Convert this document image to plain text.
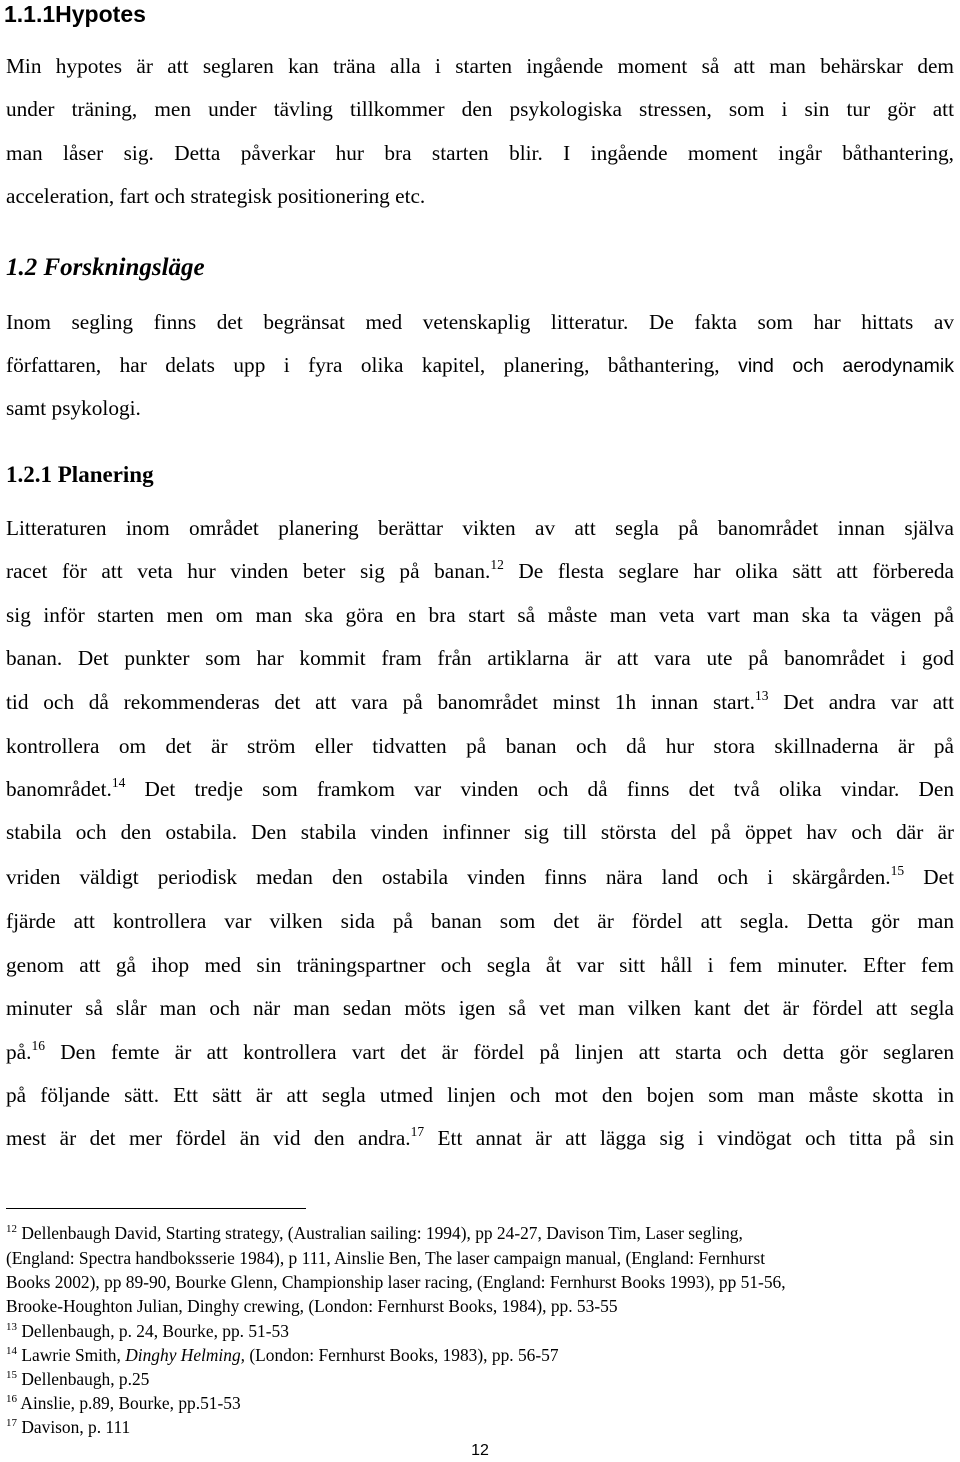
1.1.1Hypotes

Min hypotes är att seglaren kan träna alla i starten ingående moment så att man behärskar dem

under träning, men under tävling tillkommer den psykologiska stressen, som i sin tur gör att

man låser sig. Detta påverkar hur bra starten blir. I ingående moment ingår båthantering,

acceleration, fart och strategisk positionering etc.

1.2 Forskningsläge

Inom segling finns det begränsat med vetenskaplig litteratur. De fakta som har hittats av

författaren, har delats upp i fyra olika kapitel, planering, båthantering, vind och aerodynamik

samt psykologi.

1.2.1 Planering

Litteraturen inom området planering berättar vikten av att segla på banområdet innan själva

racet för att veta hur vinden beter sig på banan.$^{12}$ De flesta seglare har olika sätt att förbereda

sig inför starten men om man ska göra en bra start så måste man veta vart man ska ta vägen på

banan. Det punkter som har kommit fram från artiklarna är att vara ute på banområdet i god

tid och då rekommenderas det att vara på banområdet minst 1h innan start.$^{13}$ Det andra var att

kontrollera om det är ström eller tidvatten på banan och då hur stora skillnaderna är på

banområdet.$^{14}$ Det tredje som framkom var vinden och då finns det två olika vindar. Den

stabila och den ostabila. Den stabila vinden infinner sig till största del på öppet hav och där är

vriden väldigt periodisk medan den ostabila vinden finns nära land och i skärgården.$^{15}$ Det

fjärde att kontrollera var vilken sida på banan som det är fördel att segla. Detta gör man

genom att gå ihop med sin träningspartner och segla åt var sitt håll i fem minuter. Efter fem

minuter så slår man och när man sedan möts igen så vet man vilken kant det är fördel att segla

på.$^{16}$ Den femte är att kontrollera vart det är fördel på linjen att starta och detta gör seglaren

på följande sätt. Ett sätt är att segla utmed linjen och mot den bojen som man måste skotta in

mest är det mer fördel än vid den andra.$^{17}$ Ett annat är att lägga sig i vindögat och titta på sin

$^{12}$ Dellenbaugh David, Starting strategy, (Australian sailing: 1994), pp 24-27, Davison Tim, Laser segling,

(England: Spectra handboksserie 1984), p 111, Ainslie Ben, The laser campaign manual, (England: Fernhurst

Books 2002), pp 89-90, Bourke Glenn, Championship laser racing, (England: Fernhurst Books 1993), pp 51-56,

Brooke-Houghton Julian, Dinghy crewing, (London: Fernhurst Books, 1984), pp. 53-55

$^{13}$ Dellenbaugh, p. 24, Bourke, pp. 51-53

$^{14}$ Lawrie Smith, Dinghy Helming, (London: Fernhurst Books, 1983), pp. 56-57

$^{15}$ Dellenbaugh, p.25

$^{16}$ Ainslie, p.89, Bourke, pp.51-53

$^{17}$ Davison, p. 111

12
